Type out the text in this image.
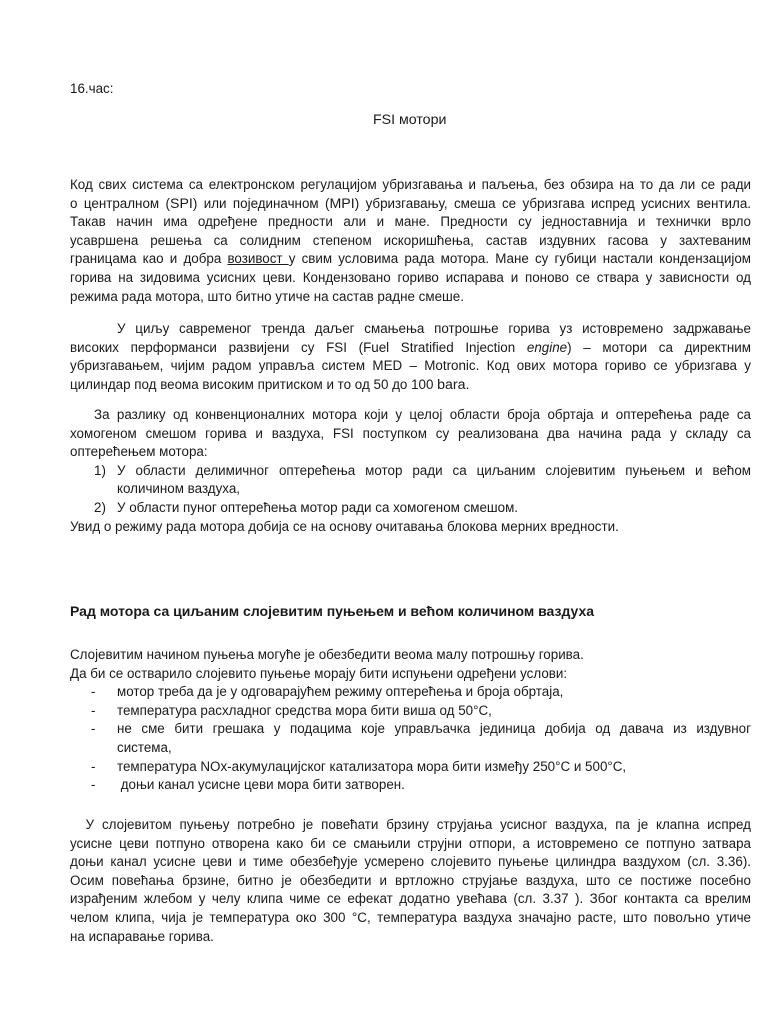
16.час:
FSI мотори
Код свих система са електронском регулацијом убризгавања и паљења, без обзира на то да ли се ради
о централном (SPI) или појединачном (MPI) убризгавању, смеша се убризгава испред усисних вентила.
Такав начин има одређене предности али и мане. Предности су једноставнија и технички врло
усавршена решења са солидним степеном искоришћења, састав издувних гасова у захтеваним
границама као и добра возивост у свим условима рада мотора. Мане су губици настали кондензацијом
горива на зидовима усисних цеви. Кондензовано гориво испарава и поново се ствара у зависности од
режима рада мотора, што битно утиче на састав радне смеше.
У циљу савременог тренда даљег смањења потрошње горива уз истовремено задржавање
високих перформанси развијени су FSI (Fuel Stratified Injection engine) – мотори са директним
убризгавањем, чијим радом управља систем MED – Motronic. Код ових мотора гориво се убризгава у
цилиндар под веома високим притиском и то од 50 до 100 bara.
За разлику од конвенционалних мотора који у целој области броја обртаја и оптерећења раде са
хомогеном смешом горива и ваздуха, FSI поступком су реализована два начина рада у складу са
оптерећењем мотора:
1) У области делимичног оптерећења мотор ради са циљаним слојевитим пуњењем и већом
количином ваздуха,
2) У области пуног оптерећења мотор ради са хомогеном смешом.
Увид о режиму рада мотора добија се на основу очитавања блокова мерних вредности.
Рад мотора са циљаним слојевитим пуњењем и већом количином ваздуха
Слојевитим начином пуњења могуће је обезбедити веома малу потрошњу горива.
Да би се остварило слојевито пуњење морају бити испуњени одређени услови:
- мотор треба да је у одговарајућем режиму оптерећења и броја обртаја,
- температура расхладног средства мора бити виша од 50°C,
- не сме бити грешака у подацима које управљачка јединица добија од давача из издувног
система,
- температура NOx-акумулацијског катализатора мора бити између 250°C и 500°C,
- доњи канал усисне цеви мора бити затворен.
У слојевитом пуњењу потребно је повећати брзину струјања усисног ваздуха, па је клапна испред
усисне цеви потпуно отворена како би се смањили струјни отпори, а истовремено се потпуно затвара
доњи канал усисне цеви и тиме обезбеђује усмерено слојевито пуњење цилиндра ваздухом (сл. 3.36).
Осим повећања брзине, битно је обезбедити и вртложно струјање ваздуха, што се постиже посебно
израђеним жлебом у челу клипа чиме се ефекат додатно увећава (сл. 3.37 ). Због контакта са врелим
челом клипа, чија је температура око 300 °C, температура ваздуха значајно расте, што повољно утиче
на испаравање горива.
